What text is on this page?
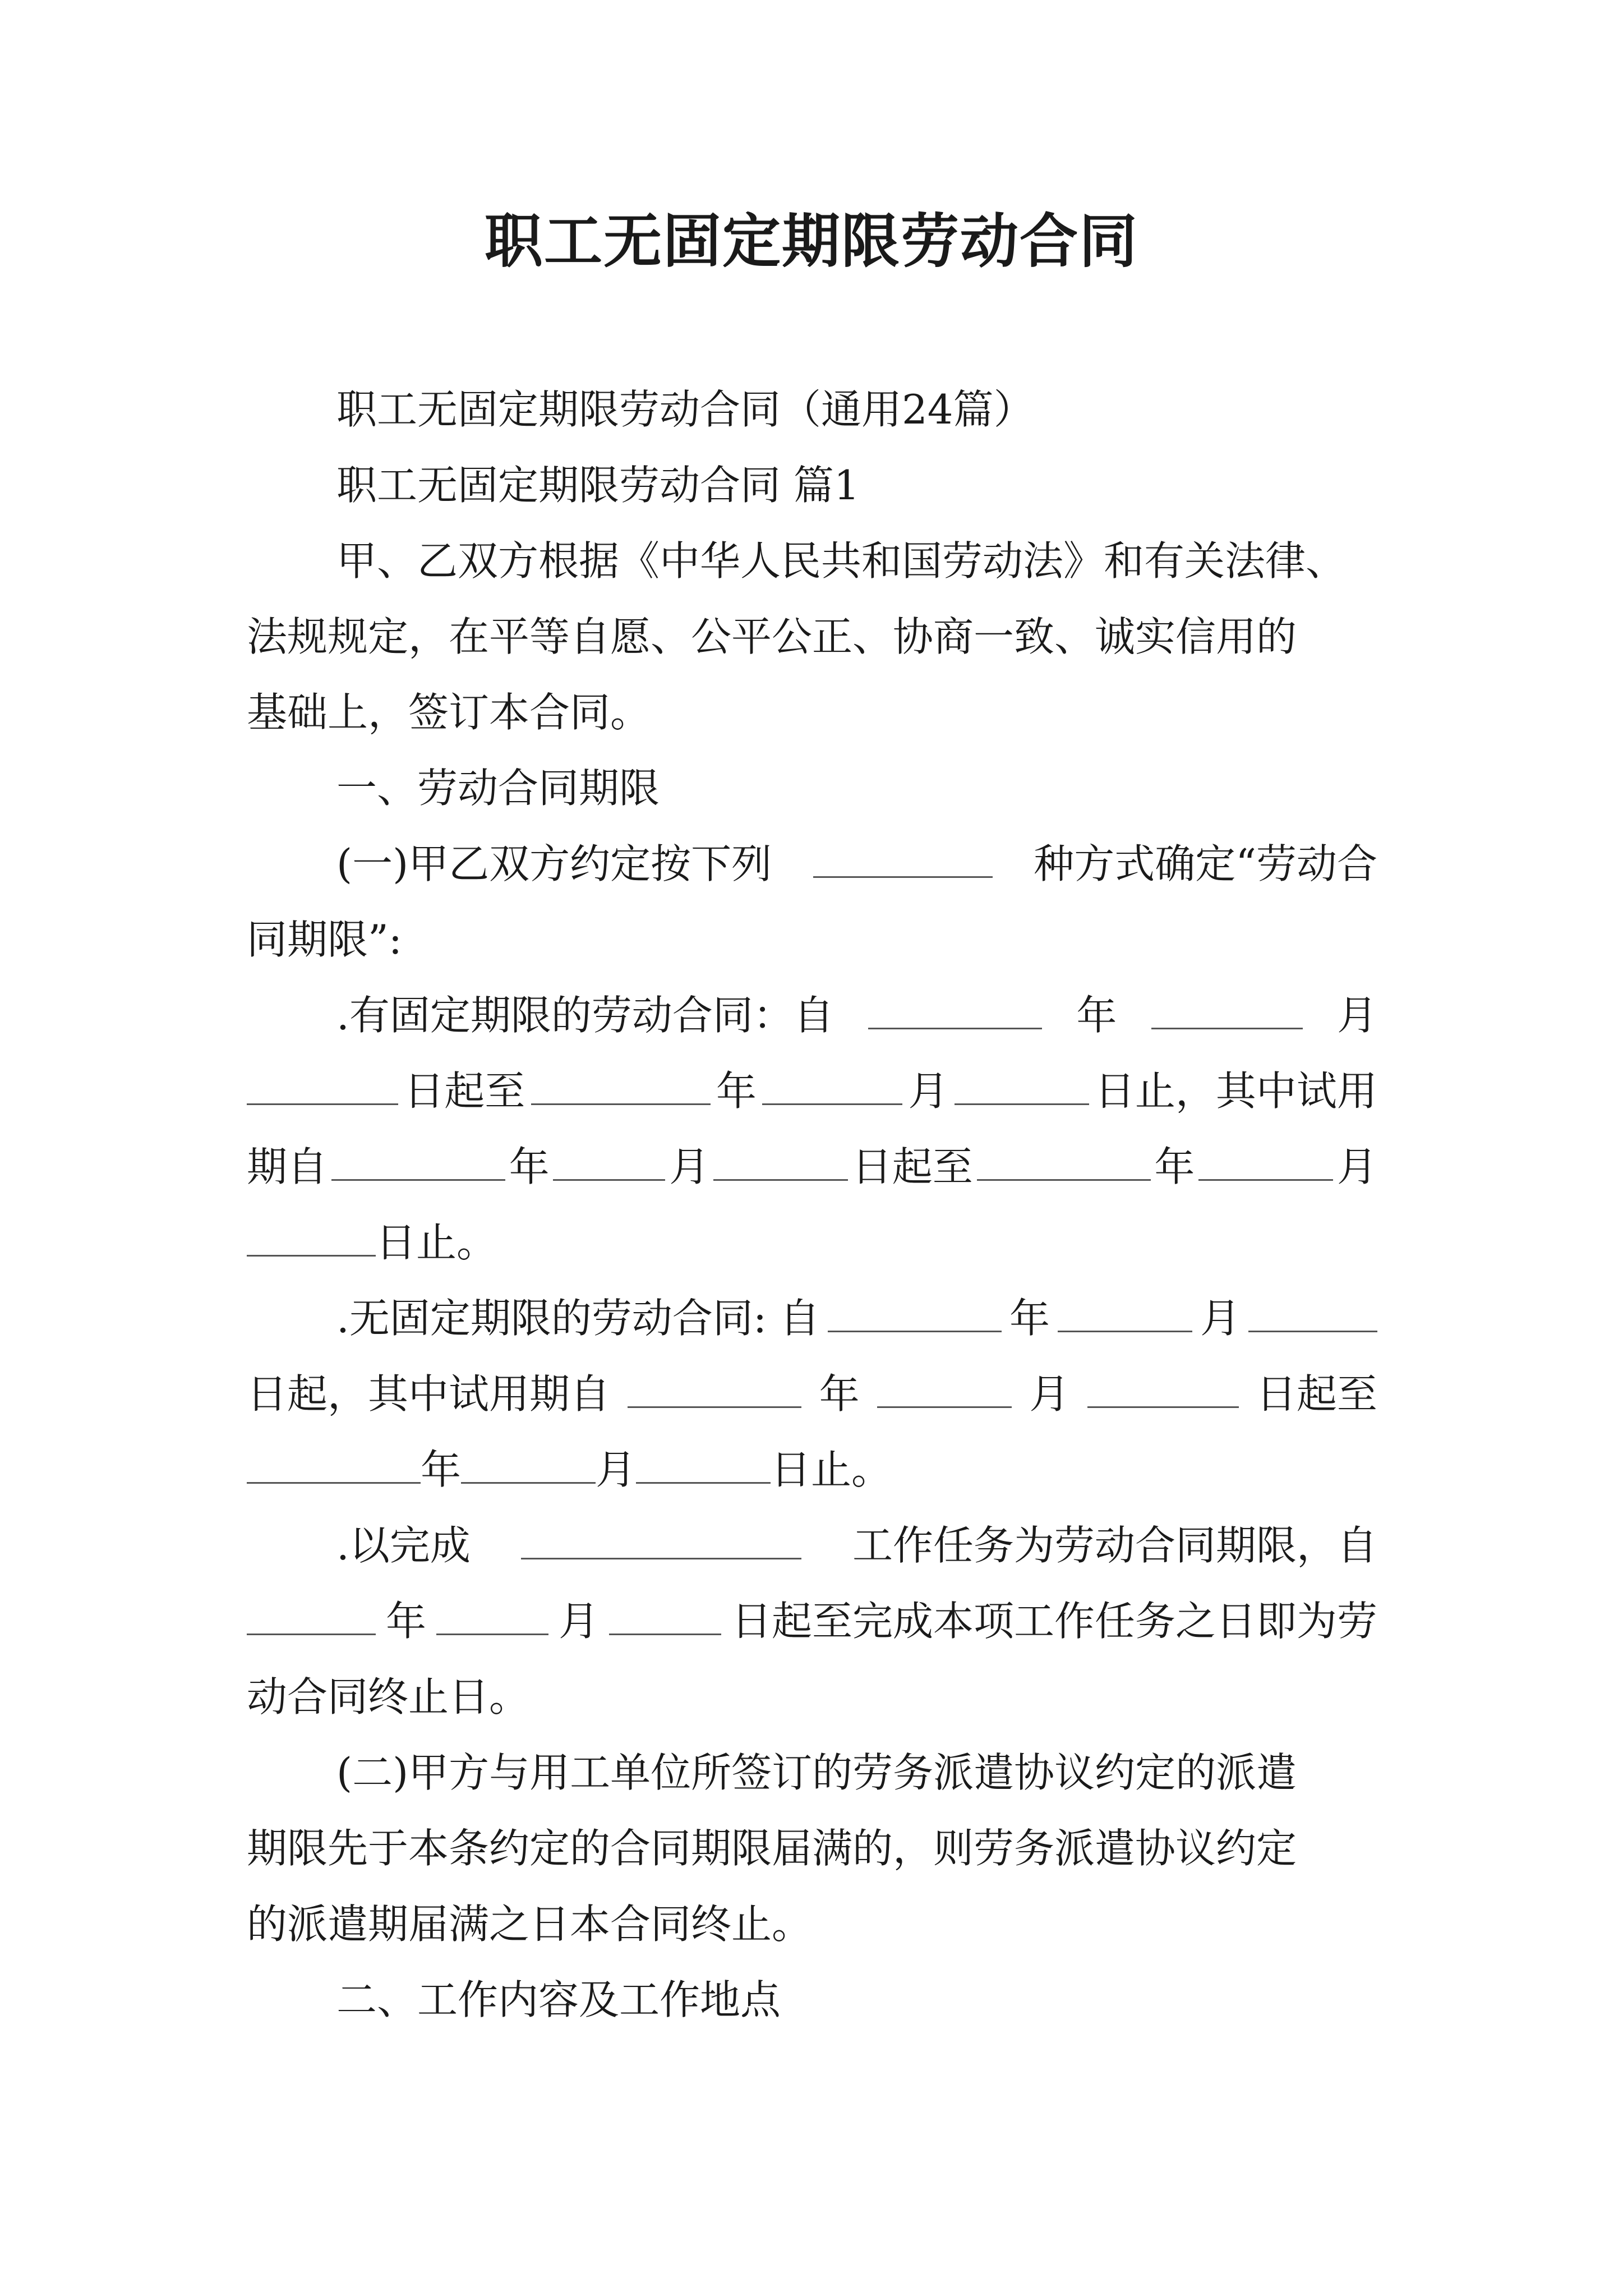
职工无固定期限劳动合同
职工无固定期限劳动合同（通用24篇）
职工无固定期限劳动合同 篇1
甲、乙双方根据《中华人民共和国劳动法》和有关法律、
法规规定，在平等自愿、公平公正、协商一致、诚实信用的
基础上，签订本合同。
一、劳动合同期限
(一)甲乙双方约定按下列	种方式确定“劳动合
同期限”:
.有固定期限的劳动合同：自	年	月
日起至	年	月	日止，其中试用
期自	年	月	日起至	年	月
日止。
.无固定期限的劳动合同: 自	年	月
日起，其中试用期自	年	月	日起至
年	月	日止。
.以完成	工作任务为劳动合同期限，自
年	月	日起至完成本项工作任务之日即为劳
动合同终止日。
(二)甲方与用工单位所签订的劳务派遣协议约定的派遣
期限先于本条约定的合同期限届满的，则劳务派遣协议约定
的派遣期届满之日本合同终止。
二、工作内容及工作地点
